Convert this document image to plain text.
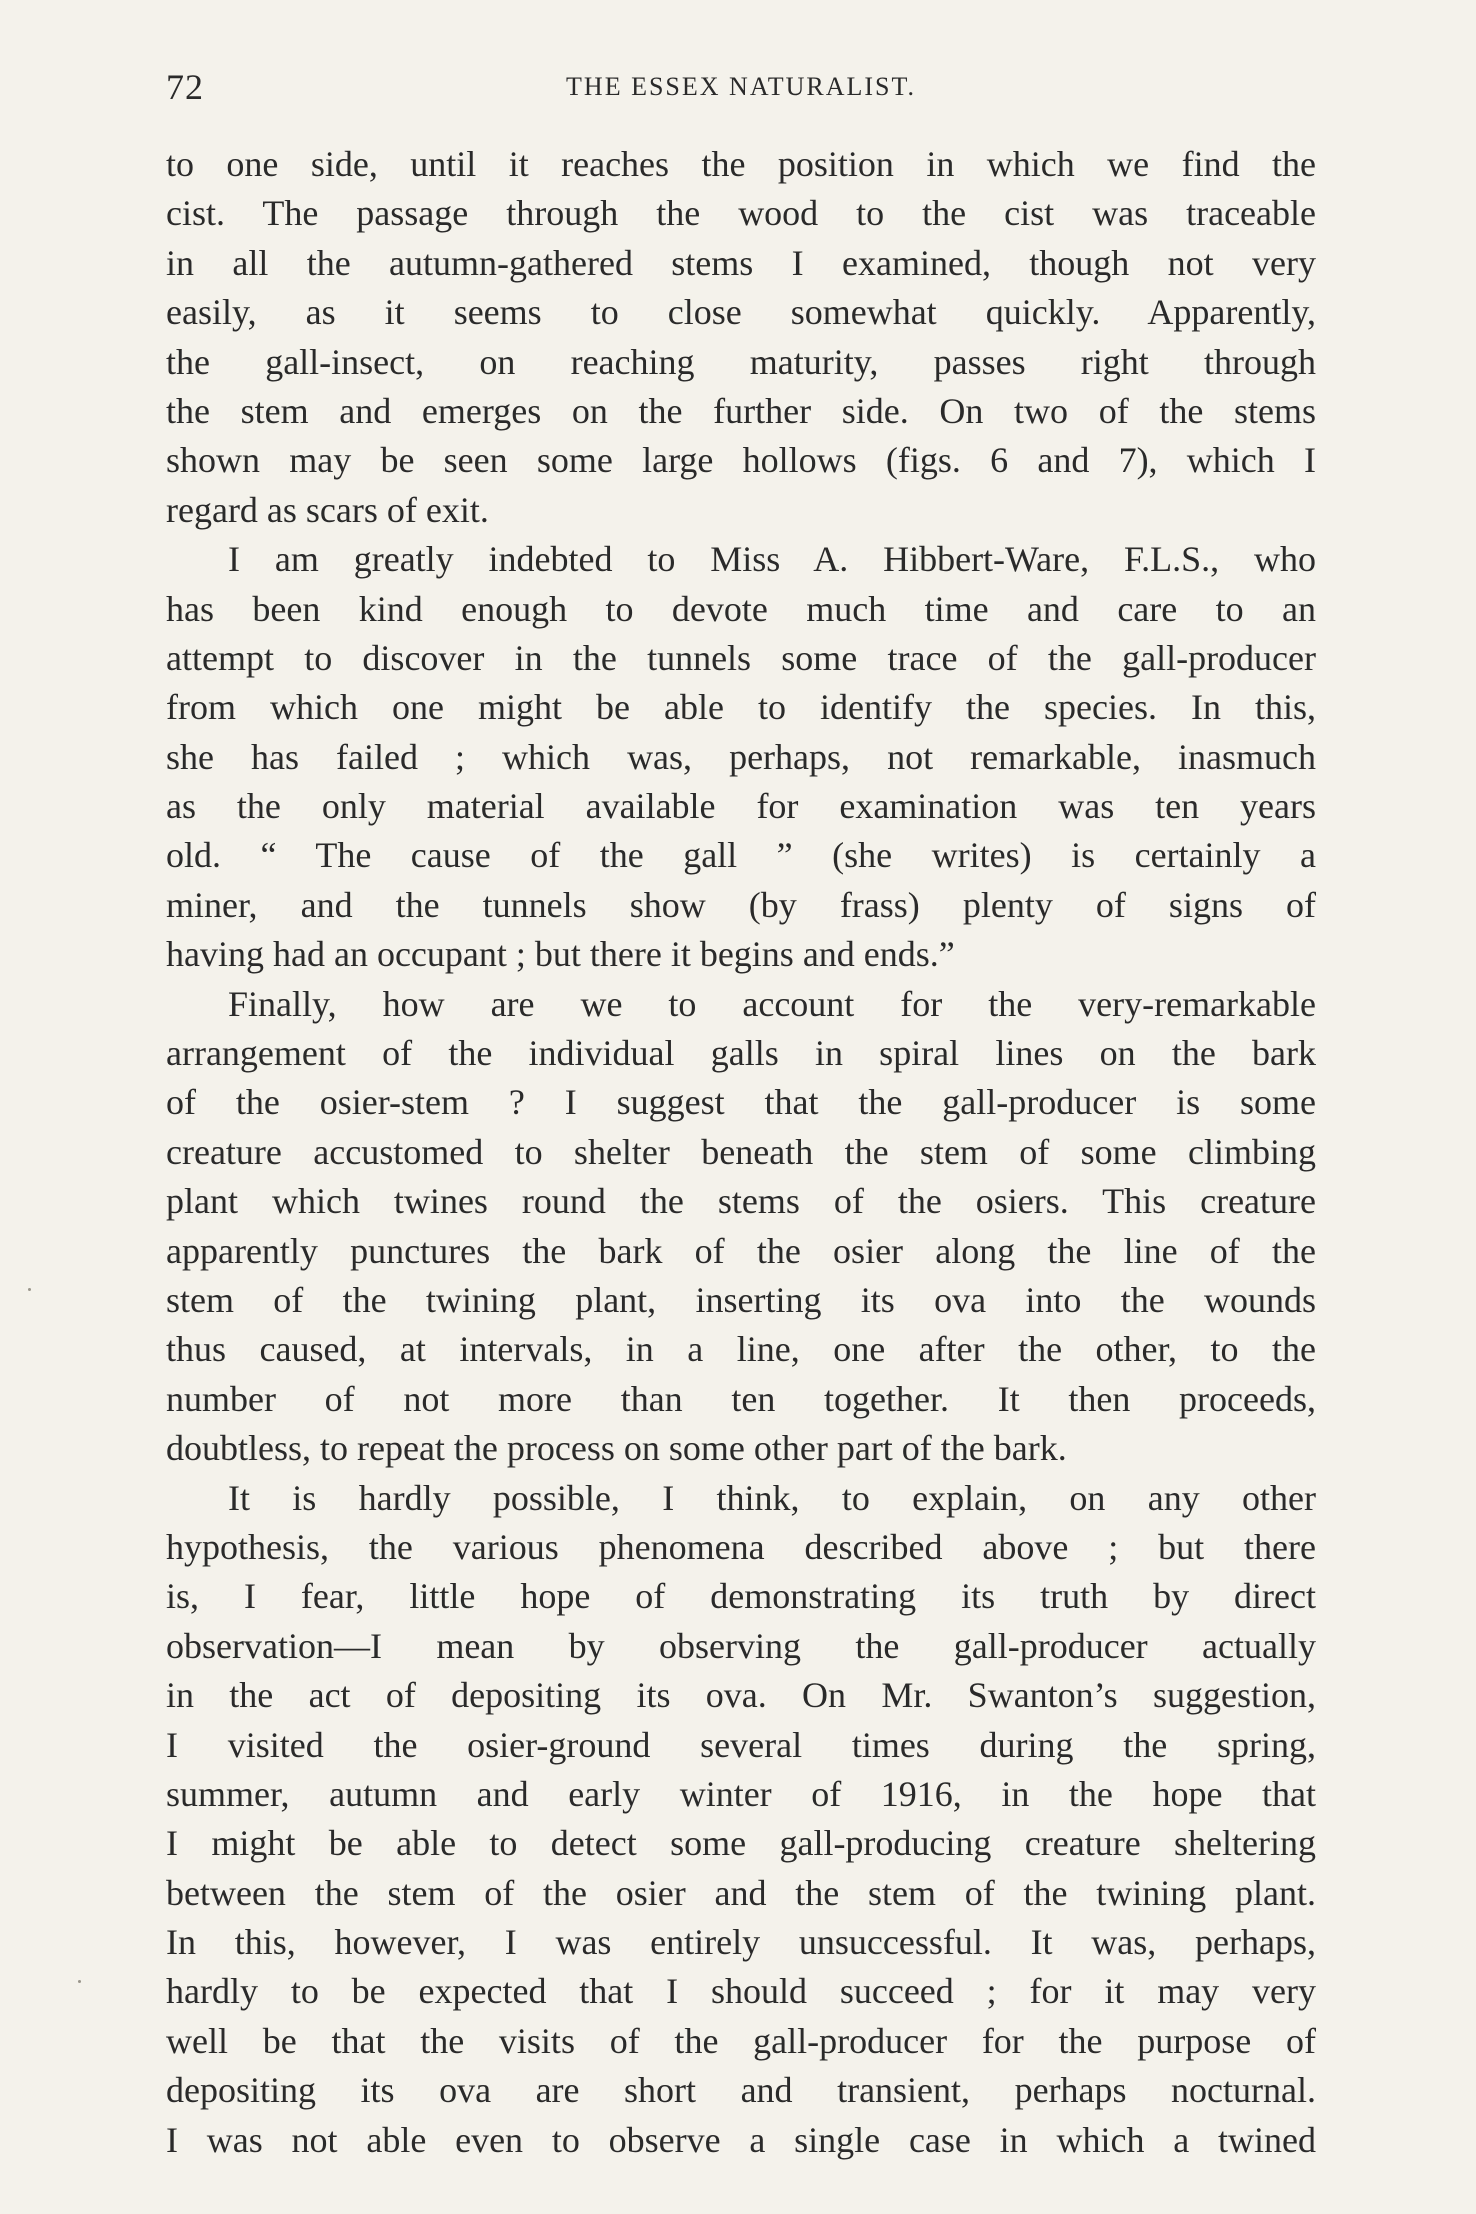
72	THE ESSEX NATURALIST.
to one side, until it reaches the position in which we find the
cist. The passage through the wood to the cist was traceable
in all the autumn-gathered stems I examined, though not very
easily, as it seems to close somewhat quickly. Apparently,
the gall-insect, on reaching maturity, passes right through
the stem and emerges on the further side. On two of the stems
shown may be seen some large hollows (figs. 6 and 7), which I
regard as scars of exit.
I am greatly indebted to Miss A. Hibbert-Ware, F.L.S., who
has been kind enough to devote much time and care to an
attempt to discover in the tunnels some trace of the gall-producer
from which one might be able to identify the species. In this,
she has failed ; which was, perhaps, not remarkable, inasmuch
as the only material available for examination was ten years
old. “ The cause of the gall ” (she writes) is certainly a
miner, and the tunnels show (by frass) plenty of signs of
having had an occupant ; but there it begins and ends.”
Finally, how are we to account for the very-remarkable
arrangement of the individual galls in spiral lines on the bark
of the osier-stem ? I suggest that the gall-producer is some
creature accustomed to shelter beneath the stem of some climbing
plant which twines round the stems of the osiers. This creature
apparently punctures the bark of the osier along the line of the
stem of the twining plant, inserting its ova into the wounds
thus caused, at intervals, in a line, one after the other, to the
number of not more than ten together. It then proceeds,
doubtless, to repeat the process on some other part of the bark.
It is hardly possible, I think, to explain, on any other
hypothesis, the various phenomena described above ; but there
is, I fear, little hope of demonstrating its truth by direct
observation—I mean by observing the gall-producer actually
in the act of depositing its ova. On Mr. Swanton’s suggestion,
I visited the osier-ground several times during the spring,
summer, autumn and early winter of 1916, in the hope that
I might be able to detect some gall-producing creature sheltering
between the stem of the osier and the stem of the twining plant.
In this, however, I was entirely unsuccessful. It was, perhaps,
hardly to be expected that I should succeed ; for it may very
well be that the visits of the gall-producer for the purpose of
depositing its ova are short and transient, perhaps nocturnal.
I was not able even to observe a single case in which a twined
